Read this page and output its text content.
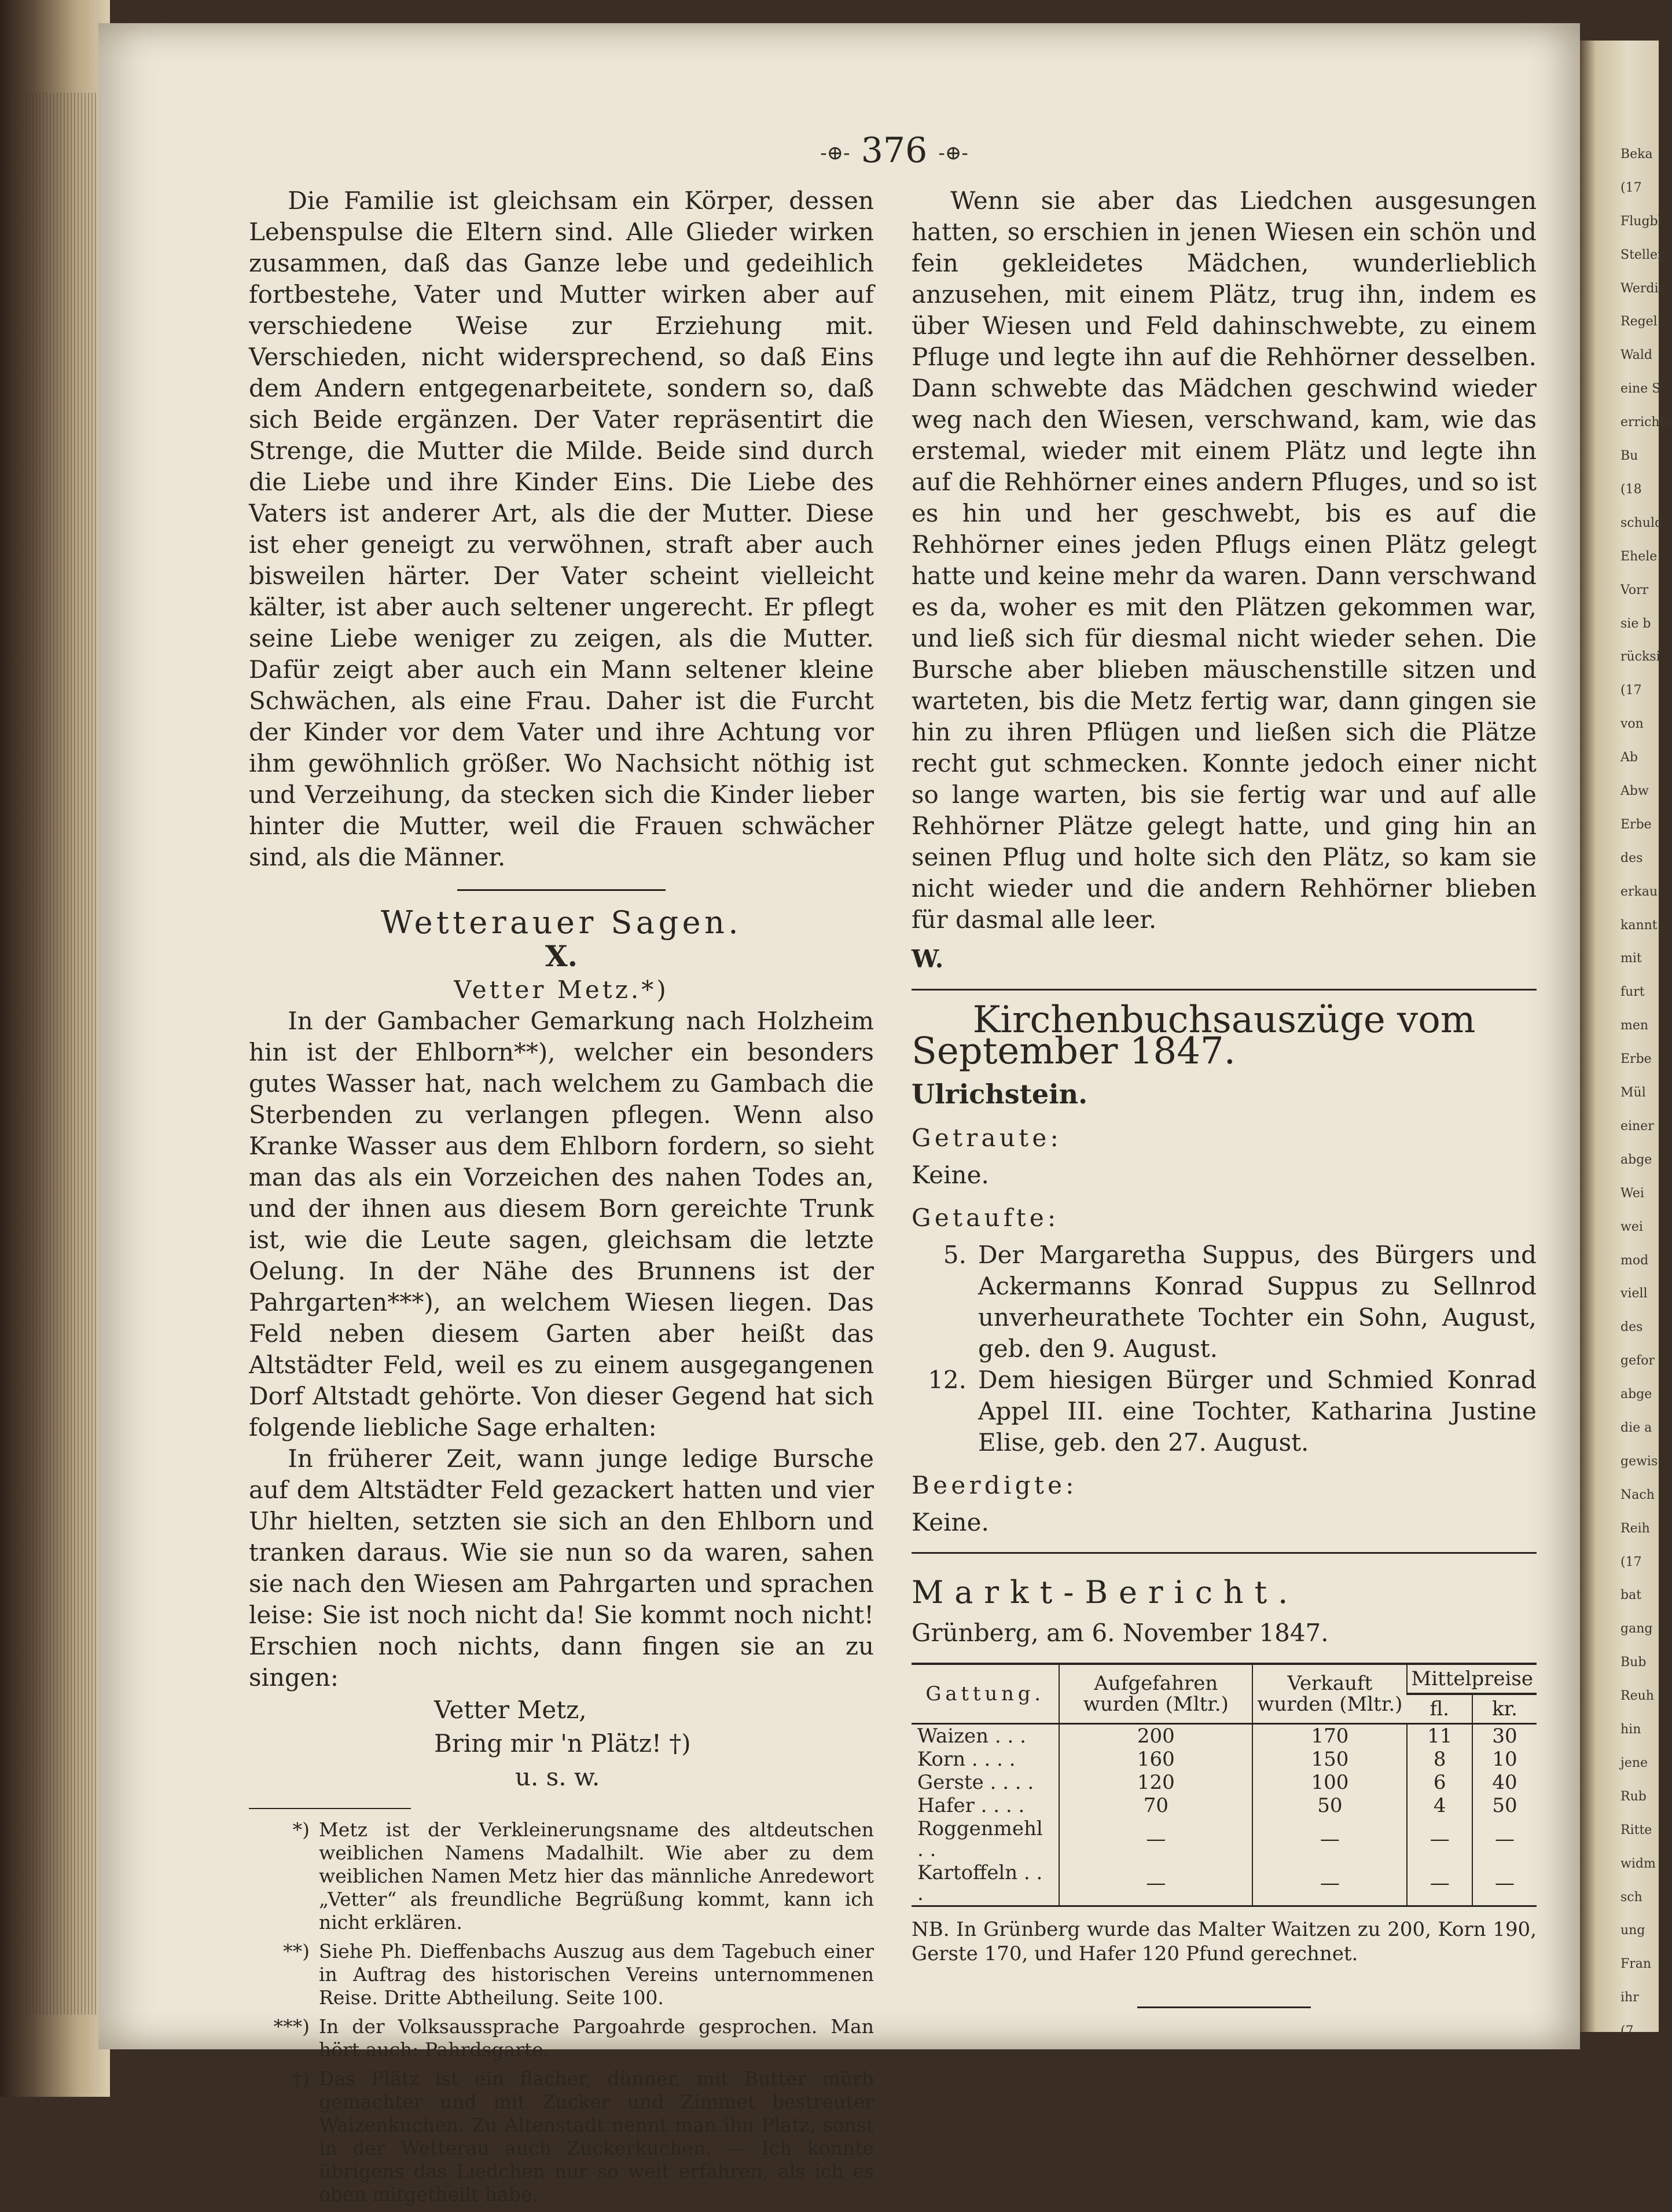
Beka
(17
Flugbl
Steller
Werdie
Regel.
Wald
eine S
errichte
Bu
(18
schuld
Ehele
Vorr
sie b
rücksi
(17
von
Ab
Abw
Erbe
des
erkau
kannt
mit
furt
men
Erbe
Mül
einer
abge
Wei
wei
mod
viell
des
gefor
abge
die a
gewis
Nach
Reih
(17
bat
gang
Bub
Reuh
hin
jene
Rub
Ritte
widm
sch
ung
Fran
ihr
(7
-⊕- 376 -⊕-

Die Familie ist gleichsam ein Körper, dessen Lebenspulse die Eltern sind. Alle Glieder wirken zusammen, daß das Ganze lebe und gedeihlich fortbestehe, Vater und Mutter wirken aber auf verschiedene Weise zur Erziehung mit. Verschieden, nicht widersprechend, so daß Eins dem Andern entgegenarbeitete, sondern so, daß sich Beide ergänzen. Der Vater repräsentirt die Strenge, die Mutter die Milde. Beide sind durch die Liebe und ihre Kinder Eins. Die Liebe des Vaters ist anderer Art, als die der Mutter. Diese ist eher geneigt zu verwöhnen, straft aber auch bisweilen härter. Der Vater scheint vielleicht kälter, ist aber auch seltener ungerecht. Er pflegt seine Liebe weniger zu zeigen, als die Mutter. Dafür zeigt aber auch ein Mann seltener kleine Schwächen, als eine Frau. Daher ist die Furcht der Kinder vor dem Vater und ihre Achtung vor ihm gewöhnlich größer. Wo Nachsicht nöthig ist und Verzeihung, da stecken sich die Kinder lieber hinter die Mutter, weil die Frauen schwächer sind, als die Männer.

Wetterauer Sagen.

X.

Vetter Metz.*)

In der Gambacher Gemarkung nach Holzheim hin ist der Ehlborn**), welcher ein besonders gutes Wasser hat, nach welchem zu Gambach die Sterbenden zu verlangen pflegen. Wenn also Kranke Wasser aus dem Ehlborn fordern, so sieht man das als ein Vorzeichen des nahen Todes an, und der ihnen aus diesem Born gereichte Trunk ist, wie die Leute sagen, gleichsam die letzte Oelung. In der Nähe des Brunnens ist der Pahrgarten***), an welchem Wiesen liegen. Das Feld neben diesem Garten aber heißt das Altstädter Feld, weil es zu einem ausgegangenen Dorf Altstadt gehörte. Von dieser Gegend hat sich folgende liebliche Sage erhalten:

In früherer Zeit, wann junge ledige Bursche auf dem Altstädter Feld gezackert hatten und vier Uhr hielten, setzten sie sich an den Ehlborn und tranken daraus. Wie sie nun so da waren, sahen sie nach den Wiesen am Pahrgarten und sprachen leise: Sie ist noch nicht da! Sie kommt noch nicht! Erschien noch nichts, dann fingen sie an zu singen:

Vetter Metz,
Bring mir 'n Plätz! †)
u. s. w.
*) Metz ist der Verkleinerungsname des altdeutschen weiblichen Namens Madalhilt. Wie aber zu dem weiblichen Namen Metz hier das männliche Anredewort „Vetter“ als freundliche Begrüßung kommt, kann ich nicht erklären.
**) Siehe Ph. Dieffenbachs Auszug aus dem Tagebuch einer in Auftrag des historischen Vereins unternommenen Reise. Dritte Abtheilung. Seite 100.
***) In der Volksaussprache Pargoahrde gesprochen. Man hört auch: Pahrdsgarte.
†) Das Plätz ist ein flacher, dünner, mit Butter mürb gemachter und mit Zucker und Zimmet bestreuter Waizenkuchen. Zu Altenstadt nennt man ihn Platz, sonst in der Wetterau auch Zuckerkuchen. — Ich konnte übrigens das Liedchen nur so weit erfahren, als ich es oben mitgetheilt habe.

Wenn sie aber das Liedchen ausgesungen hatten, so erschien in jenen Wiesen ein schön und fein gekleidetes Mädchen, wunderlieblich anzusehen, mit einem Plätz, trug ihn, indem es über Wiesen und Feld dahinschwebte, zu einem Pfluge und legte ihn auf die Rehhörner desselben. Dann schwebte das Mädchen geschwind wieder weg nach den Wiesen, verschwand, kam, wie das erstemal, wieder mit einem Plätz und legte ihn auf die Rehhörner eines andern Pfluges, und so ist es hin und her geschwebt, bis es auf die Rehhörner eines jeden Pflugs einen Plätz gelegt hatte und keine mehr da waren. Dann verschwand es da, woher es mit den Plätzen gekommen war, und ließ sich für diesmal nicht wieder sehen. Die Bursche aber blieben mäuschenstille sitzen und warteten, bis die Metz fertig war, dann gingen sie hin zu ihren Pflügen und ließen sich die Plätze recht gut schmecken. Konnte jedoch einer nicht so lange warten, bis sie fertig war und auf alle Rehhörner Plätze gelegt hatte, und ging hin an seinen Pflug und holte sich den Plätz, so kam sie nicht wieder und die andern Rehhörner blieben für dasmal alle leer.

W.

Kirchenbuchsauszüge vom September 1847.

Ulrichstein.

Getraute:

Keine.

Getaufte:

5. Der Margaretha Suppus, des Bürgers und Ackermanns Konrad Suppus zu Sellnrod unverheurathete Tochter ein Sohn, August, geb. den 9. August.
12. Dem hiesigen Bürger und Schmied Konrad Appel III. eine Tochter, Katharina Justine Elise, geb. den 27. August.

Beerdigte:

Keine.

Markt-Bericht.

Grünberg, am 6. November 1847.

Gattung.	Aufgefahren wurden (Mltr.)	Verkauft wurden (Mltr.)	Mittelpreise	
			fl.	kr.
Waizen . . .	200	170	11	30
Korn . . . .	160	150	8	10
Gerste . . . .	120	100	6	40
Hafer . . . .	70	50	4	50
Roggenmehl . .	—	—	—	—
Kartoffeln . . .	—	—	—	—

NB. In Grünberg wurde das Malter Waitzen zu 200, Korn 190, Gerste 170, und Hafer 120 Pfund gerechnet.
